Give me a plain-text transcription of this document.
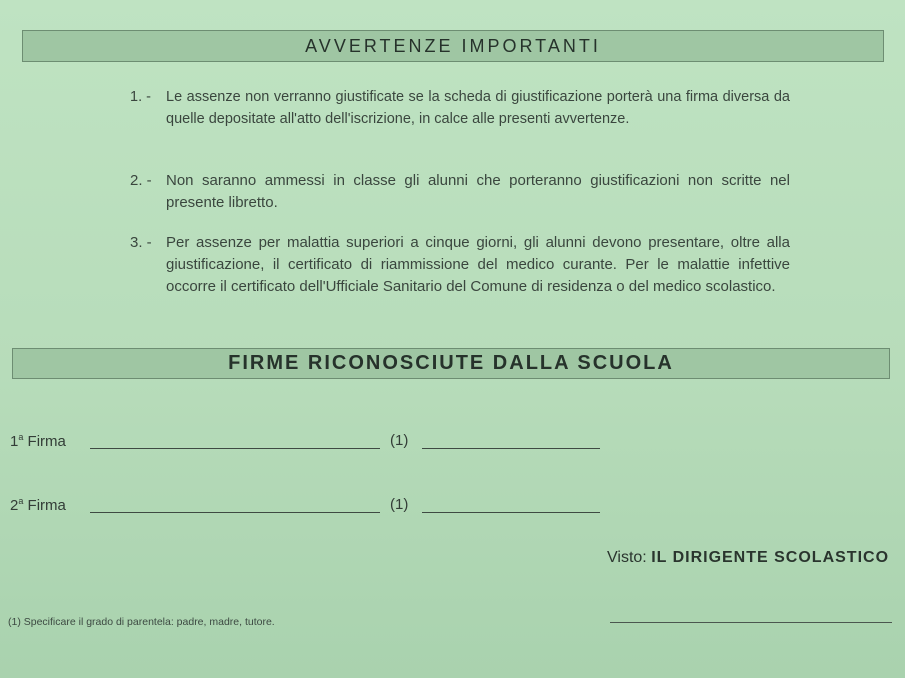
AVVERTENZE IMPORTANTI
1. -	Le assenze non verranno giustificate se la scheda di giustificazione porterà una firma diversa da quelle depositate all'atto dell'iscrizione, in calce alle presenti avvertenze.
2. - Non saranno ammessi in classe gli alunni che porteranno giustificazioni non scritte nel presente libretto.
3. - Per assenze per malattia superiori a cinque giorni, gli alunni devono presentare, oltre alla giustificazione, il certificato di riammissione del medico curante. Per le malattie infettive occorre il certificato dell'Ufficiale Sanitario del Comune di residenza o del medico scolastico.
FIRME RICONOSCIUTE DALLA SCUOLA
1$^a$ Firma	(1)
2$^a$ Firma	(1)
Visto: IL DIRIGENTE SCOLASTICO
(1) Specificare il grado di parentela: padre, madre, tutore.
